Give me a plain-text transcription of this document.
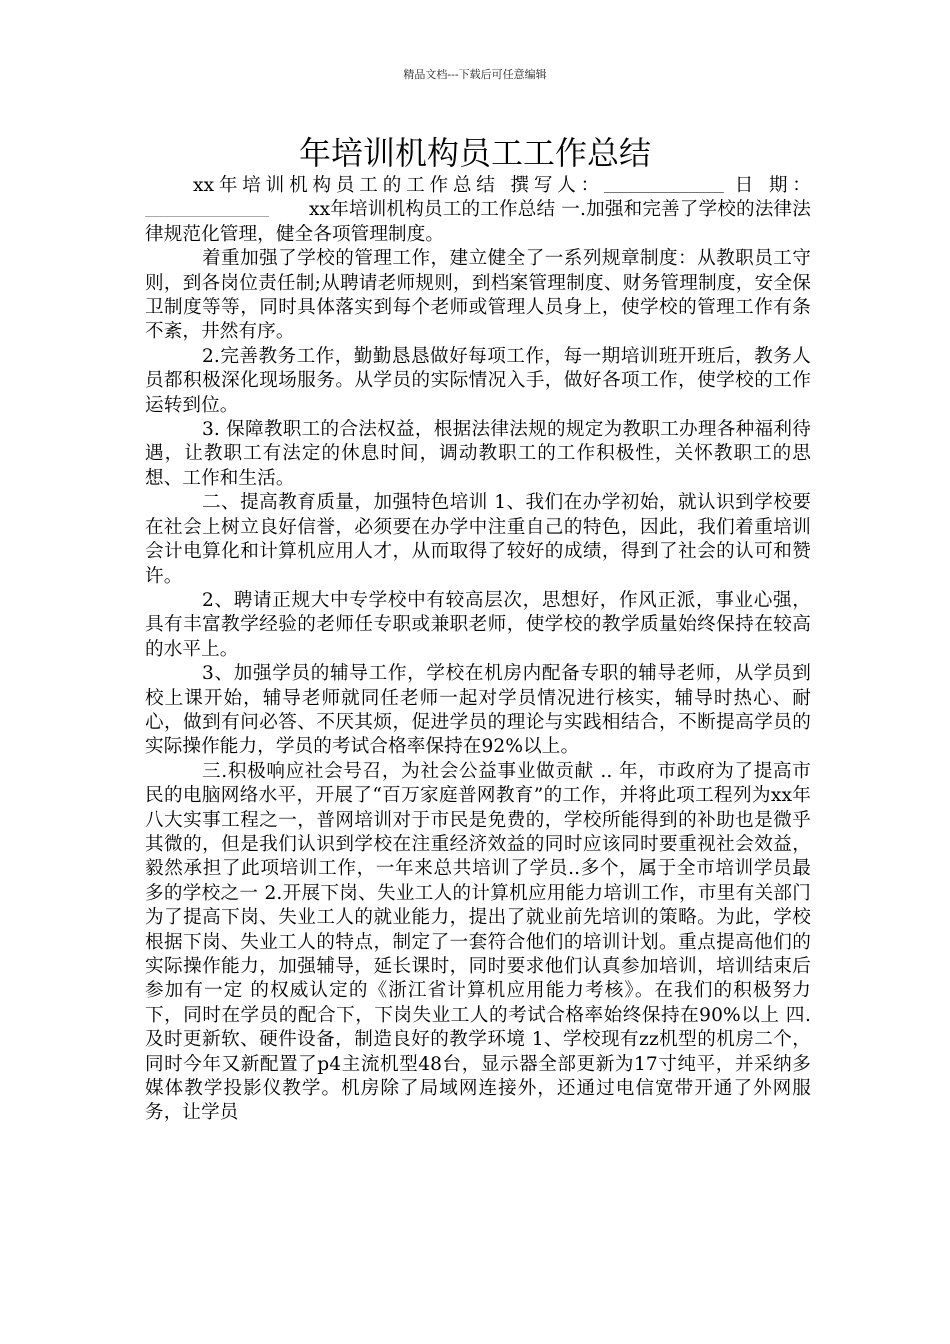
精品文档---下载后可任意编辑
年培训机构员工工作总结

xx年培训机构员工的工作总结 撰写人：	日 期：xx年培训机构员工的工作总结 一.加强和完善了学校的法律法律规范化管理，健全各项管理制度。

着重加强了学校的管理工作，建立健全了一系列规章制度：从教职员工守则，到各岗位责任制;从聘请老师规则，到档案管理制度、财务管理制度，安全保卫制度等等，同时具体落实到每个老师或管理人员身上，使学校的管理工作有条不紊，井然有序。

2.完善教务工作，勤勤恳恳做好每项工作，每一期培训班开班后，教务人员都积极深化现场服务。从学员的实际情况入手，做好各项工作，使学校的工作运转到位。

3. 保障教职工的合法权益，根据法律法规的规定为教职工办理各种福利待遇，让教职工有法定的休息时间，调动教职工的工作积极性，关怀教职工的思想、工作和生活。

二、提高教育质量，加强特色培训 1、我们在办学初始，就认识到学校要在社会上树立良好信誉，必须要在办学中注重自己的特色，因此，我们着重培训会计电算化和计算机应用人才，从而取得了较好的成绩，得到了社会的认可和赞许。

2、聘请正规大中专学校中有较高层次，思想好，作风正派，事业心强，具有丰富教学经验的老师任专职或兼职老师，使学校的教学质量始终保持在较高的水平上。

3、加强学员的辅导工作，学校在机房内配备专职的辅导老师，从学员到校上课开始，辅导老师就同任老师一起对学员情况进行核实，辅导时热心、耐心，做到有问必答、不厌其烦，促进学员的理论与实践相结合，不断提高学员的实际操作能力，学员的考试合格率保持在92%以上。

三.积极响应社会号召，为社会公益事业做贡献 .. 年，市政府为了提高市民的电脑网络水平，开展了“百万家庭普网教育”的工作，并将此项工程列为xx年八大实事工程之一，普网培训对于市民是免费的，学校所能得到的补助也是微乎其微的，但是我们认识到学校在注重经济效益的同时应该同时要重视社会效益，毅然承担了此项培训工作，一年来总共培训了学员..多个，属于全市培训学员最多的学校之一 2.开展下岗、失业工人的计算机应用能力培训工作，市里有关部门为了提高下岗、失业工人的就业能力，提出了就业前先培训的策略。为此，学校根据下岗、失业工人的特点，制定了一套符合他们的培训计划。重点提高他们的实际操作能力，加强辅导，延长课时，同时要求他们认真参加培训，培训结束后参加有一定 的权威认定的《浙江省计算机应用能力考核》。在我们的积极努力下，同时在学员的配合下，下岗失业工人的考试合格率始终保持在90%以上 四.及时更新软、硬件设备，制造良好的教学环境 1、学校现有zz机型的机房二个，同时今年又新配置了p4主流机型48台，显示器全部更新为17寸纯平，并采纳多媒体教学投影仪教学。机房除了局域网连接外，还通过电信宽带开通了外网服务，让学员
